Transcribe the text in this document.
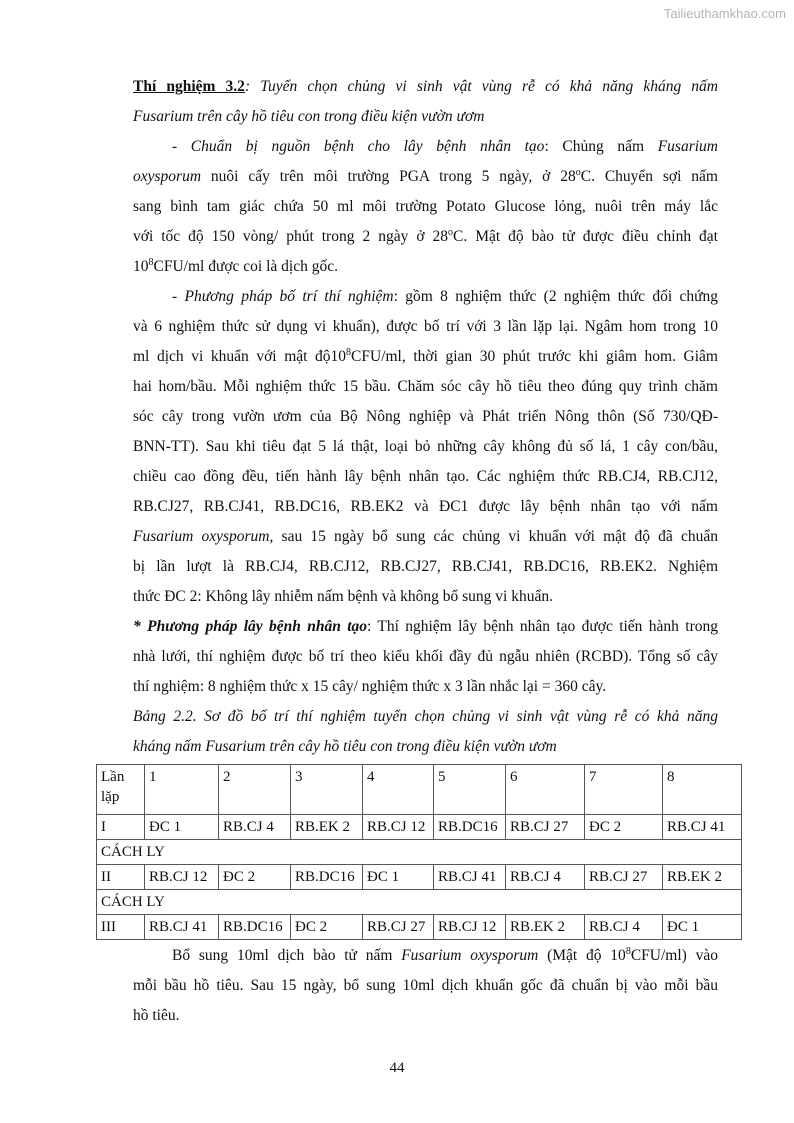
Tailieuthamkhao.com
Thí nghiệm 3.2: Tuyển chọn chủng vi sinh vật vùng rễ có khả năng kháng nấm
Fusarium trên cây hồ tiêu con trong điều kiện vườn ươm
- Chuẩn bị nguồn bệnh cho lây bệnh nhân tạo: Chủng nấm Fusarium
oxysporum nuôi cấy trên môi trường PGA trong 5 ngày, ở 28$^o$C. Chuyển sợi nấm
sang bình tam giác chứa 50 ml môi trường Potato Glucose lỏng, nuôi trên máy lắc
với tốc độ 150 vòng/ phút trong 2 ngày ở 28$^o$C. Mật độ bào tử được điều chỉnh đạt
$10^8CFU/ml$ được coi là dịch gốc.
- Phương pháp bố trí thí nghiệm: gồm 8 nghiệm thức (2 nghiệm thức đối chứng
và 6 nghiệm thức sử dụng vi khuẩn), được bố trí với 3 lần lặp lại. Ngâm hom trong 10
ml dịch vi khuẩn với mật $độ10^8CFU/ml$, thời gian 30 phút trước khi giâm hom. Giâm
hai hom/bầu. Mỗi nghiệm thức 15 bầu. Chăm sóc cây hồ tiêu theo đúng quy trình chăm
sóc cây trong vườn ươm của Bộ Nông nghiệp và Phát triển Nông thôn (Số 730/QĐ-
BNN-TT). Sau khi tiêu đạt 5 lá thật, loại bỏ những cây không đủ số lá, 1 cây con/bầu,
chiều cao đồng đều, tiến hành lây bệnh nhân tạo. Các nghiệm thức RB.CJ4, RB.CJ12,
RB.CJ27, RB.CJ41, RB.DC16, RB.EK2 và ĐC1 được lây bệnh nhân tạo với nấm
Fusarium oxysporum, sau 15 ngày bổ sung các chủng vi khuẩn với mật độ đã chuẩn
bị lần lượt là RB.CJ4, RB.CJ12, RB.CJ27, RB.CJ41, RB.DC16, RB.EK2. Nghiệm
thức ĐC 2: Không lây nhiễm nấm bệnh và không bổ sung vi khuẩn.
* Phương pháp lây bệnh nhân tạo: Thí nghiệm lây bệnh nhân tạo được tiến hành trong
nhà lưới, thí nghiệm được bố trí theo kiểu khối đầy đủ ngẫu nhiên (RCBD). Tổng số cây
thí nghiệm: 8 nghiệm thức x 15 cây/ nghiệm thức x 3 lần nhắc lại = 360 cây.
Bảng 2.2. Sơ đồ bố trí thí nghiệm tuyển chọn chủng vi sinh vật vùng rễ có khả năng
kháng nấm Fusarium trên cây hồ tiêu con trong điều kiện vườn ươm
Lần lặp	1	2	3	4	5	6	7	8
I	ĐC 1	RB.CJ 4	RB.EK 2	RB.CJ 12	RB.DC16	RB.CJ 27	ĐC 2	RB.CJ 41
CÁCH LY								
II	RB.CJ 12	ĐC 2	RB.DC16	ĐC 1	RB.CJ 41	RB.CJ 4	RB.CJ 27	RB.EK 2
CÁCH LY								
III	RB.CJ 41	RB.DC16	ĐC 2	RB.CJ 27	RB.CJ 12	RB.EK 2	RB.CJ 4	ĐC 1
Bổ sung 10ml dịch bào tử nấm Fusarium oxysporum (Mật độ $10^8CFU/ml$) vào
mỗi bầu hồ tiêu. Sau 15 ngày, bổ sung 10ml dịch khuẩn gốc đã chuẩn bị vào mỗi bầu
hồ tiêu.
44
